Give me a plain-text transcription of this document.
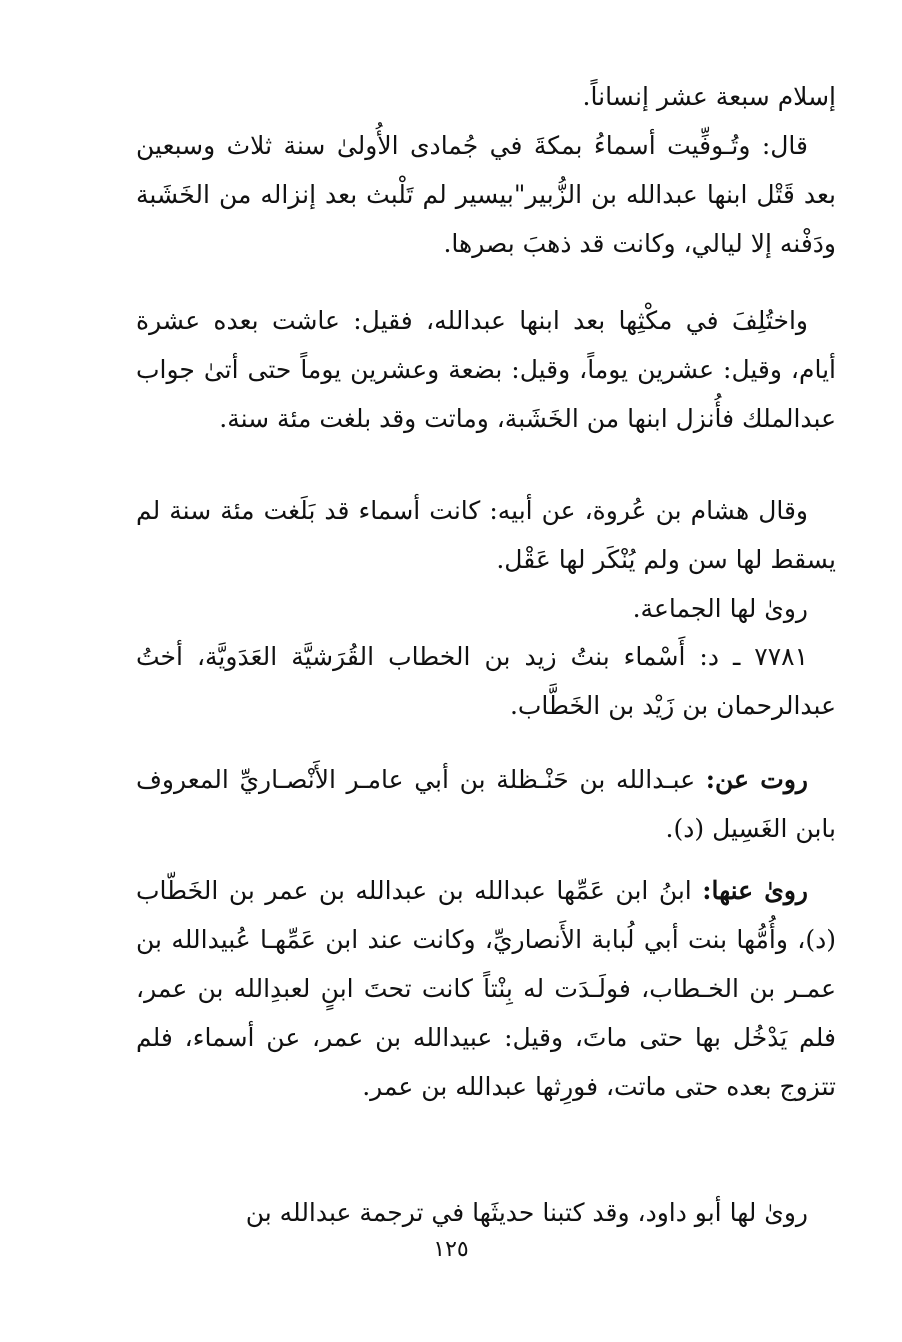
إسلام سبعة عشر إنساناً.
قال: وتُـوفِّيت أسماءُ بمكةَ في جُمادى الأُولىٰ سنة ثلاث وسبعين بعد قَتْل ابنها عبدالله بن الزُّبير"بيسير لم تَلْبث بعد إنزاله من الخَشَبة ودَفْنه إلا ليالي، وكانت قد ذهبَ بصرها.
واختُلِفَ في مكْثِها بعد ابنها عبدالله، فقيل: عاشت بعده عشرة أيام، وقيل: عشرين يوماً، وقيل: بضعة وعشرين يوماً حتى أتىٰ جواب عبدالملك فأُنزل ابنها من الخَشَبة، وماتت وقد بلغت مئة سنة.
وقال هشام بن عُروة، عن أبيه: كانت أسماء قد بَلَغت مئة سنة لم يسقط لها سن ولم يُنْكَر لها عَقْل.
رویٰ لها الجماعة.
٧٧٨١ ـ د: أَسْماء بنتُ زيد بن الخطاب القُرَشيَّة العَدَويَّة، أختُ عبدالرحمان بن زَيْد بن الخَطَّاب.
روت عن: عبـدالله بن حَنْـظلة بن أبي عامـر الأَنْصـاريِّ المعروف بابن الغَسِيل (د).
رویٰ عنها: ابنُ ابن عَمِّها عبدالله بن عبدالله بن عمر بن الخَطّاب (د)، وأُمُّها بنت أبي لُبابة الأَنصاريِّ، وكانت عند ابن عَمِّهـا عُبيدالله بن عمـر بن الخـطاب، فولَـدَت له بِنْتاً كانت تحتَ ابنٍ لعبدِالله بن عمر، فلم يَدْخُل بها حتى ماتَ، وقيل: عبيدالله بن عمر، عن أسماء، فلم تتزوج بعده حتى ماتت، فورِثها عبدالله بن عمر.
رویٰ لها أبو داود، وقد كتبنا حديثَها في ترجمة عبدالله بن
١٢٥
